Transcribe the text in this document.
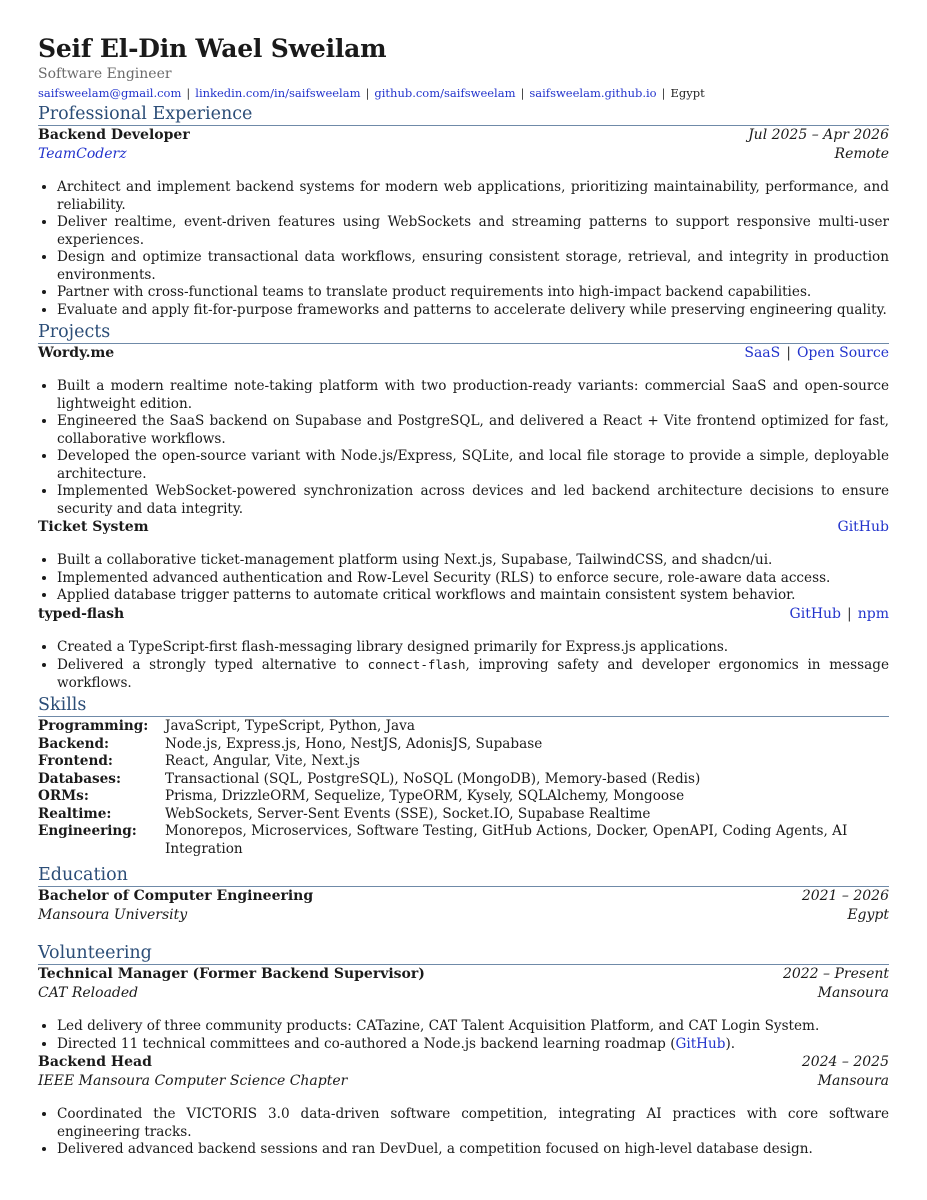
Seif El-Din Wael Sweilam
Software Engineer
saifsweelam@gmail.com | linkedin.com/in/saifsweelam | github.com/saifsweelam | saifsweelam.github.io | Egypt
Professional Experience
Backend Developer	Jul 2025 – Apr 2026
TeamCoderz	Remote
• Architect and implement backend systems for modern web applications, prioritizing maintainability, performance, and reliability.
• Deliver realtime, event-driven features using WebSockets and streaming patterns to support responsive multi-user experiences.
• Design and optimize transactional data workflows, ensuring consistent storage, retrieval, and integrity in production environments.
• Partner with cross-functional teams to translate product requirements into high-impact backend capabilities.
• Evaluate and apply fit-for-purpose frameworks and patterns to accelerate delivery while preserving engineering quality.
Projects
Wordy.me	SaaS | Open Source
• Built a modern realtime note-taking platform with two production-ready variants: commercial SaaS and open-source lightweight edition.
• Engineered the SaaS backend on Supabase and PostgreSQL, and delivered a React + Vite frontend optimized for fast, collaborative workflows.
• Developed the open-source variant with Node.js/Express, SQLite, and local file storage to provide a simple, deployable architecture.
• Implemented WebSocket-powered synchronization across devices and led backend architecture decisions to ensure security and data integrity.
Ticket System	GitHub
• Built a collaborative ticket-management platform using Next.js, Supabase, TailwindCSS, and shadcn/ui.
• Implemented advanced authentication and Row-Level Security (RLS) to enforce secure, role-aware data access.
• Applied database trigger patterns to automate critical workflows and maintain consistent system behavior.
typed-flash	GitHub | npm
• Created a TypeScript-first flash-messaging library designed primarily for Express.js applications.
• Delivered a strongly typed alternative to connect-flash, improving safety and developer ergonomics in message workflows.
Skills
Programming:	JavaScript, TypeScript, Python, Java
Backend:	Node.js, Express.js, Hono, NestJS, AdonisJS, Supabase
Frontend:	React, Angular, Vite, Next.js
Databases:	Transactional (SQL, PostgreSQL), NoSQL (MongoDB), Memory-based (Redis)
ORMs:	Prisma, DrizzleORM, Sequelize, TypeORM, Kysely, SQLAlchemy, Mongoose
Realtime:	WebSockets, Server-Sent Events (SSE), Socket.IO, Supabase Realtime
Engineering:	Monorepos, Microservices, Software Testing, GitHub Actions, Docker, OpenAPI, Coding Agents, AI Integration
Education
Bachelor of Computer Engineering	2021 – 2026
Mansoura University	Egypt
Volunteering
Technical Manager (Former Backend Supervisor)	2022 – Present
CAT Reloaded	Mansoura
• Led delivery of three community products: CATazine, CAT Talent Acquisition Platform, and CAT Login System.
• Directed 11 technical committees and co-authored a Node.js backend learning roadmap (GitHub).
Backend Head	2024 – 2025
IEEE Mansoura Computer Science Chapter	Mansoura
• Coordinated the VICTORIS 3.0 data-driven software competition, integrating AI practices with core software engineering tracks.
• Delivered advanced backend sessions and ran DevDuel, a competition focused on high-level database design.
